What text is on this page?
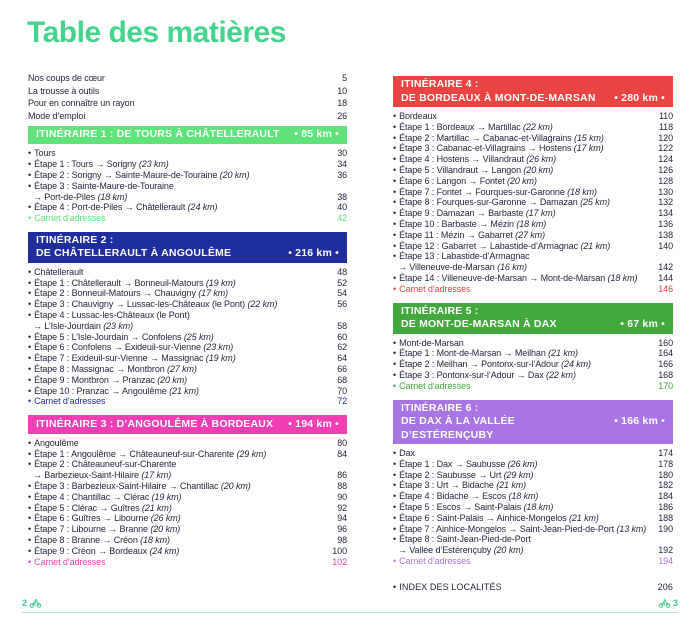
Table des matières
Nos coups de cœur	5
La trousse à outils	10
Pour en connaître un rayon	18
Mode d’emploi	26
ITINÉRAIRE 1 : DE TOURS À CHÂTELLERAULT • 85 km •
• Tours	30
• Étape 1 : Tours → Sorigny (23 km)	34
• Étape 2 : Sorigny → Sainte-Maure-de-Touraine (20 km)	36
• Étape 3 : Sainte-Maure-de-Touraine
→ Port-de-Piles (18 km)	38
• Étape 4 : Port-de-Piles → Châtellerault (24 km)	40
• Carnet d’adresses	42
ITINÉRAIRE 2 :
DE CHÂTELLERAULT À ANGOULÊME	• 216 km •
• Châtellerault	48
• Étape 1 : Châtellerault → Bonneuil-Matours (19 km)	52
• Étape 2 : Bonneuil-Matours → Chauvigny (17 km)	54
• Étape 3 : Chauvigny → Lussac-les-Châteaux (le Pont) (22 km)	56
• Étape 4 : Lussac-les-Châteaux (le Pont)
→ L’Isle-Jourdain (23 km)	58
• Étape 5 : L’Isle-Jourdain → Confolens (25 km)	60
• Étape 6 : Confolens → Exideuil-sur-Vienne (23 km)	62
• Étape 7 : Exideuil-sur-Vienne → Massignac (19 km)	64
• Étape 8 : Massignac → Montbron (27 km)	66
• Étape 9 : Montbron → Pranzac (20 km)	68
• Étape 10 : Pranzac → Angoulême (21 km)	70
• Carnet d’adresses	72
ITINÉRAIRE 3 : D’ANGOULÊME À BORDEAUX • 194 km •
• Angoulême	80
• Étape 1 : Angoulême → Châteauneuf-sur-Charente (29 km)	84
• Étape 2 : Châteauneuf-sur-Charente
→ Barbezieux-Saint-Hilaire (17 km)	86
• Étape 3 : Barbezieux-Saint-Hilaire → Chantillac (20 km)	88
• Étape 4 : Chantillac → Clérac (19 km)	90
• Étape 5 : Clérac → Guîtres (21 km)	92
• Étape 6 : Guîtres → Libourne (26 km)	94
• Étape 7 : Libourne → Branne (20 km)	96
• Étape 8 : Branne → Créon (18 km)	98
• Étape 9 : Créon → Bordeaux (24 km)	100
• Carnet d’adresses	102
ITINÉRAIRE 4 :
DE BORDEAUX À MONT-DE-MARSAN • 280 km •
• Bordeaux	110
• Étape 1 : Bordeaux → Martillac (22 km)	118
• Étape 2 : Martillac → Cabanac-et-Villagrains (15 km)	120
• Étape 3 : Cabanac-et-Villagrains → Hostens (17 km)	122
• Étape 4 : Hostens → Villandraut (26 km)	124
• Étape 5 : Villandraut → Langon (20 km)	126
• Étape 6 : Langon → Fontet (20 km)	128
• Étape 7 : Fontet → Fourques-sur-Garonne (18 km)	130
• Étape 8 : Fourques-sur-Garonne → Damazan (25 km)	132
• Étape 9 : Damazan → Barbaste (17 km)	134
• Étape 10 : Barbaste → Mézin (18 km)	136
• Étape 11 : Mézin → Gabarret (27 km)	138
• Étape 12 : Gabarret → Labastide-d’Armagnac (21 km)	140
• Étape 13 : Labastide-d’Armagnac
→ Villeneuve-de-Marsan (16 km)	142
• Étape 14 : Villeneuve-de-Marsan → Mont-de-Marsan (18 km)	144
• Carnet d’adresses	146
ITINÉRAIRE 5 :
DE MONT-DE-MARSAN À DAX	• 67 km •
• Mont-de-Marsan	160
• Étape 1 : Mont-de-Marsan → Meilhan (21 km)	164
• Étape 2 : Meilhan → Pontonx-sur-l’Adour (24 km)	166
• Étape 3 : Pontonx-sur-l’Adour → Dax (22 km)	168
• Carnet d’adresses	170
ITINÉRAIRE 6 :
DE DAX À LA VALLÉE D’ESTÉRENÇUBY
• 166 km •
• Dax	174
• Étape 1 : Dax → Saubusse (26 km)	178
• Étape 2 : Saubusse → Urt (29 km)	180
• Étape 3 : Urt → Bidache (21 km)	182
• Étape 4 : Bidache → Escos (18 km)	184
• Étape 5 : Escos → Saint-Palais (18 km)	186
• Étape 6 : Saint-Palais → Ainhice-Mongelos (21 km)	188
• Étape 7 : Ainhice-Mongelos → Saint-Jean-Pied-de-Port (13 km)	190
• Étape 8 : Saint-Jean-Pied-de-Port
→ Vallée d’Estérençuby (20 km)	192
• Carnet d’adresses	194
• INDEX DES LOCALITÉS	206
2	3
